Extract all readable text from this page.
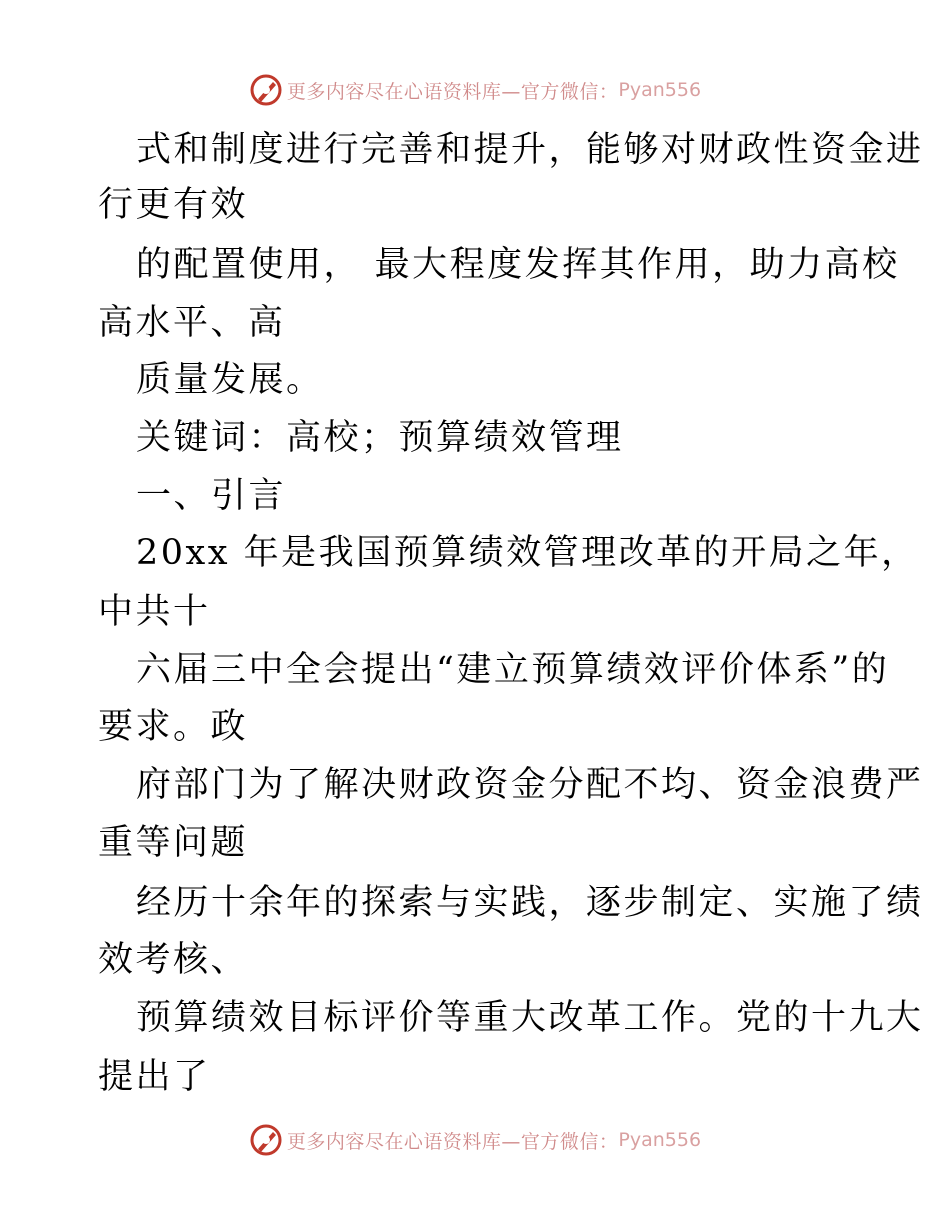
更多内容尽在心语资料库—官方微信： Pyan556
式和制度进行完善和提升，能够对财政性资金进
行更有效
的配置使用， 最大程度发挥其作用，助力高校
高水平、高
质量发展。
关键词：高校；预算绩效管理
一、引言
20xx 年是我国预算绩效管理改革的开局之年，
中共十
六届三中全会提出“建立预算绩效评价体系”的
要求。政
府部门为了解决财政资金分配不均、资金浪费严
重等问题
经历十余年的探索与实践，逐步制定、实施了绩
效考核、
预算绩效目标评价等重大改革工作。党的十九大
提出了
更多内容尽在心语资料库—官方微信： Pyan556
